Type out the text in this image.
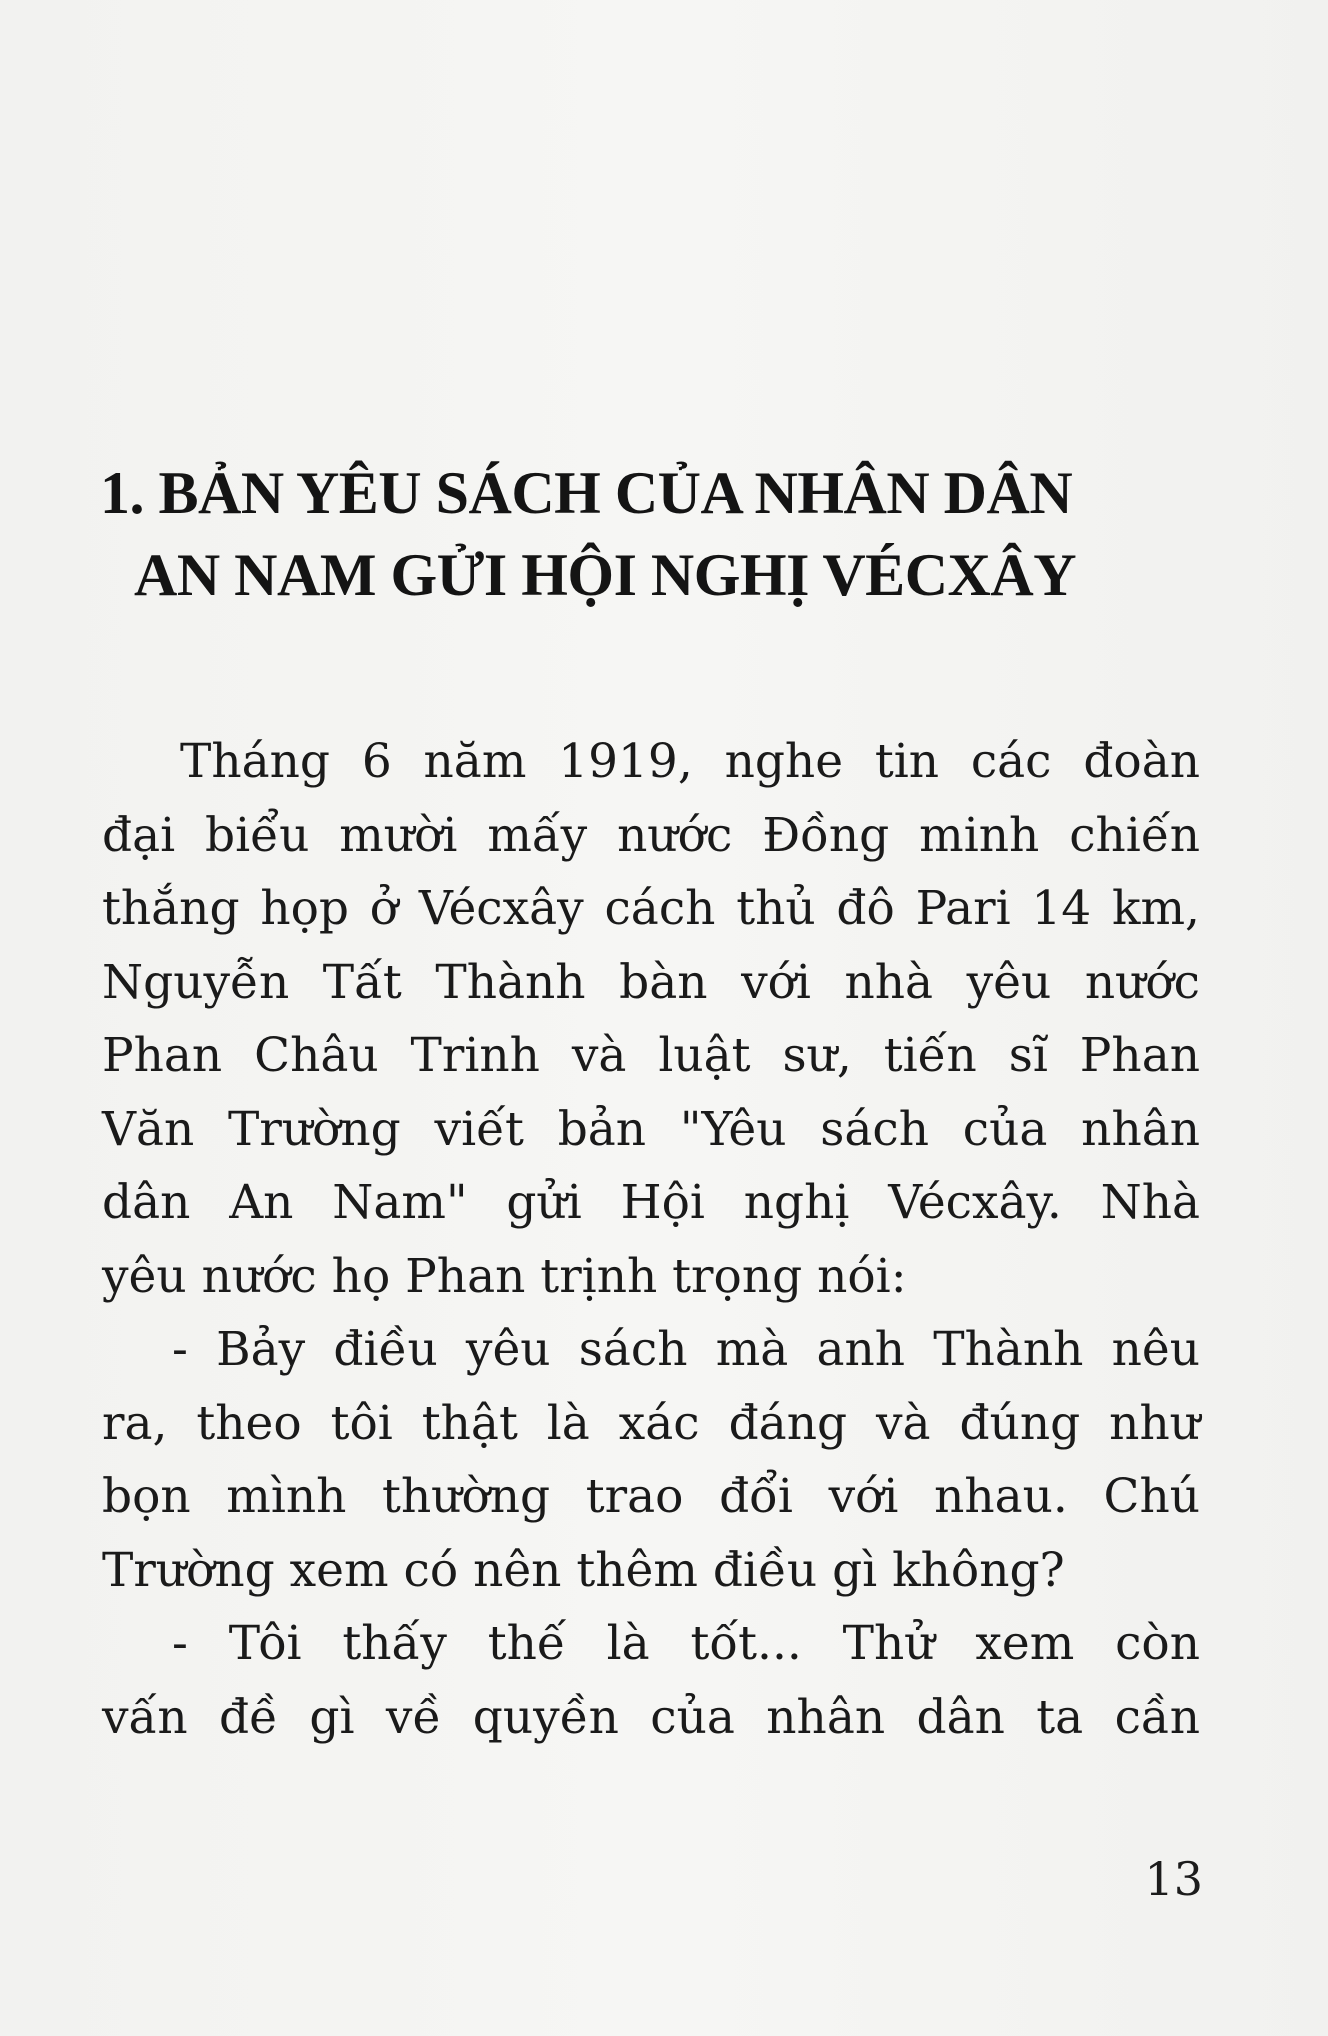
1. BẢN YÊU SÁCH CỦA NHÂN DÂN
AN NAM GỬI HỘI NGHỊ VÉCXÂY
Tháng 6 năm 1919, nghe tin các đoàn
đại biểu mười mấy nước Đồng minh chiến
thắng họp ở Vécxây cách thủ đô Pari 14 km,
Nguyễn Tất Thành bàn với nhà yêu nước
Phan Châu Trinh và luật sư, tiến sĩ Phan
Văn Trường viết bản "Yêu sách của nhân
dân An Nam" gửi Hội nghị Vécxây. Nhà
yêu nước họ Phan trịnh trọng nói:
- Bảy điều yêu sách mà anh Thành nêu
ra, theo tôi thật là xác đáng và đúng như
bọn mình thường trao đổi với nhau. Chú
Trường xem có nên thêm điều gì không?
- Tôi thấy thế là tốt... Thử xem còn
vấn đề gì về quyền của nhân dân ta cần
13
